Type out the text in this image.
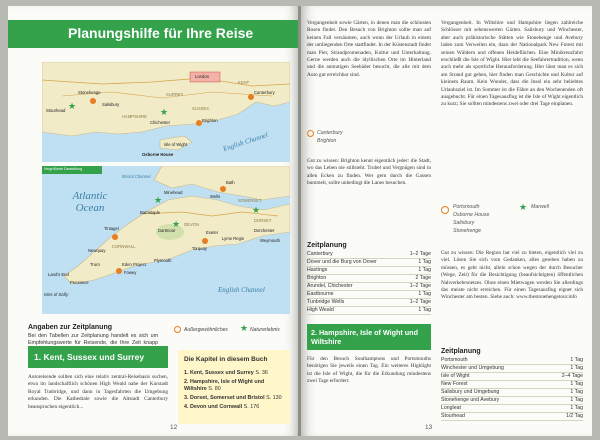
Planungshilfe für Ihre Reise
London
Stonehenge
Salisbury
Stourhead
Canterbury
SURREY
SUSSEX
HAMPSHIRE
KENT
Chichester	Brighton
Osborne House
Isle of Wight	English Channel
★
★
Vergrößerte Darstellung
Bristol Channel
Bath
Wells
Minehead
SOMERSET
Barnstaple
DEVON
DORSET
Dorchester
Lyme Regis	Weymouth
Exeter
Dartmoor
Torquay
Tintagel
CORNWALL
Newquay
Plymouth
Eden Project
Fowey
Truro
Penzance
Land's End
Isles of Scilly
Atlantic Ocean
English Channel
★
★
★
Angaben zur Zeitplanung
Bei den Tabellen zur Zeitplanung handelt es sich um Empfehlungswerte für Reisende, die Ihre Zeit knapp
Außergewöhnliches ★ Naturerlebnis
1. Kent, Sussex und Surrey
Autoreisende sollten sich eine relativ zentral-Reisebasis suchen, etwa im landschaftlich schönen High Weald nahe der Kurstadt Royal Tunbridge, und dann in Tagesfahrten die Umgebung erkunden. Die Kathedrale sowie die Altstadt Canterbury beanspruchen eigentlich...
Die Kapitel in diesem Buch
1. Kent, Sussex und Surrey S. 36
2. Hampshire, Isle of Wight und Wiltshire S. 80
3. Dorset, Somerset und Bristol S. 130
4. Devon und Cornwall S. 176
12
Vergangenheit sowie Gärten, in denen man die schönsten Rosen findet. Den Besuch von Brighton sollte man auf keinen Fall versäumen, auch wenn der Urlaub in einem der umliegenden Orte stattfindet. In der Küstenstadt findet man Pier, Strandpromenaden, Kultur und Unterhaltung. Gerne werden auch die idyllischen Orte im Hinterland und die anmutigen Seebäder besucht, die alle mit dem Auto gut erreichbar sind.
Canterbury
Brighton
Gut zu wissen: Brighton kennt eigentlich jeder: die Stadt, wo das Leben nie stillsteht. Trubel und Vergnügen sind in allen Ecken zu finden. Wer gern durch die Gassen bummelt, sollte unbedingt die Lanes besuchen.
Zeitplanung
Canterbury	1–2 Tage
Dover und die Burg von Dover	1 Tag
Hastings	1 Tag
Brighton	2 Tage
Arundel, Chichester	1–2 Tage
Eastbourne	1 Tag
Tunbridge Wells	1–2 Tage
High Weald	1 Tag
2. Hampshire, Isle of Wight und Wiltshire
Für den Besuch Southamptons und Portsmouths benötigen Sie jeweils einen Tag. Ein weiteres Highlight ist die Isle of Wight, die für die Erkundung mindestens zwei Tage erfordert.
Vergangenheit. In Wiltshire und Hampshire liegen zahlreiche Schlösser mit sehenswerten Gärten. Salisbury und Winchester, aber auch prähistorische Stätten wie Stonehenge und Avebury laden zum Verweilen ein, dazu der Nationalpark New Forest mit seinen Wäldern und offenen Heideflächen. Eine Minikreuzfahrt erschließt die Isle of Wight. Hier lebt die Seefahrertradition, wenn auch mehr als sportliche Herausforderung. Hier lässt man es sich am Strand gut gehen, hier finden man Geschichte und Kultur auf kleinem Raum. Kein Wunder, dass die Insel ein sehr beliebtes Urlaubsziel ist. Im Sommer ist die Fähre an den Wochenenden oft ausgebucht. Für einen Tagesausflug ist die Isle of Wight eigentlich zu kurz; Sie sollten mindestens zwei oder drei Tage einplanen.
Portsmouth
Osborne House
Salisbury
Stonehenge
★ Marwell
Gut zu wissen: Die Region hat viel zu bieten, eigentlich viel zu viel. Lösen Sie sich vom Gedanken, alles gesehen haben zu müssen, es geht nicht, allein schon wegen der durch Besucher (Wege, Zeit) für die Besichtigung (beaufsichtigten) öffentlichen Nahverkehrsnetzes. Ohne einen Mietwagen werden Sie allerdings das meiste nicht erreichen. Für einen Tagesausflug eignet sich Winchester am besten. Siehe auch: www.thestonehengetour.info
Zeitplanung
Portsmouth	1 Tag
Winchester und Umgebung	1 Tag
Isle of Wight	2–4 Tage
New Forest	1 Tag
Salisbury und Umgebung	1 Tag
Stonehenge und Avebury	1 Tag
Longleat	1 Tag
Stourhead	1/2 Tag
13
